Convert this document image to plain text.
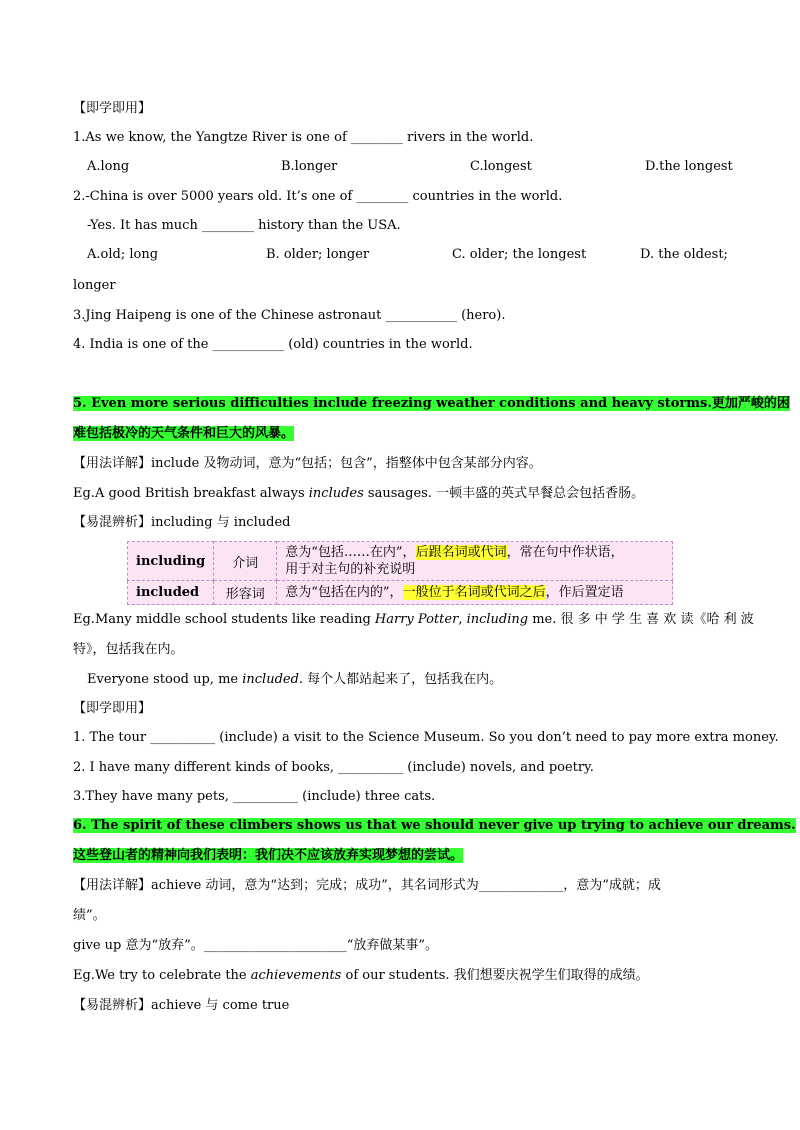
【即学即用】
1.As we know, the Yangtze River is one of ________ rivers in the world.
A.long	B.longer	C.longest	D.the longest
2.-China is over 5000 years old. It’s one of ________ countries in the world.
-Yes. It has much ________ history than the USA.
A.old; long	B. older; longer	C. older; the longest	D. the oldest;
longer
3.Jing Haipeng is one of the Chinese astronaut ___________ (hero).
4. India is one of the ___________ (old) countries in the world.
5. Even more serious difficulties include freezing weather conditions and heavy storms.更加严峻的困
难包括极冷的天气条件和巨大的风暴。
【用法详解】include 及物动词，意为“包括；包含”，指整体中包含某部分内容。
Eg.A good British breakfast always includes sausages. 一顿丰盛的英式早餐总会包括香肠。
【易混辨析】including 与 included
including	介词	意为“包括……在内”，后跟名词或代词，常在句中作状语，
用于对主句的补充说明
included	形容词	意为“包括在内的”，一般位于名词或代词之后，作后置定语
Eg.Many middle school students like reading Harry Potter, including me. 很 多 中 学 生 喜 欢 读《哈 利 波
特》，包括我在内。
Everyone stood up, me included. 每个人都站起来了，包括我在内。
【即学即用】
1. The tour __________ (include) a visit to the Science Museum. So you don’t need to pay more extra money.
2. I have many different kinds of books, __________ (include) novels, and poetry.
3.They have many pets, __________ (include) three cats.
6. The spirit of these climbers shows us that we should never give up trying to achieve our dreams.
这些登山者的精神向我们表明：我们决不应该放弃实现梦想的尝试。
【用法详解】achieve 动词，意为“达到；完成；成功”，其名词形式为_____________，意为“成就；成
绩”。
give up 意为“放弃”。______________________“放弃做某事”。
Eg.We try to celebrate the achievements of our students. 我们想要庆祝学生们取得的成绩。
【易混辨析】achieve 与 come true
